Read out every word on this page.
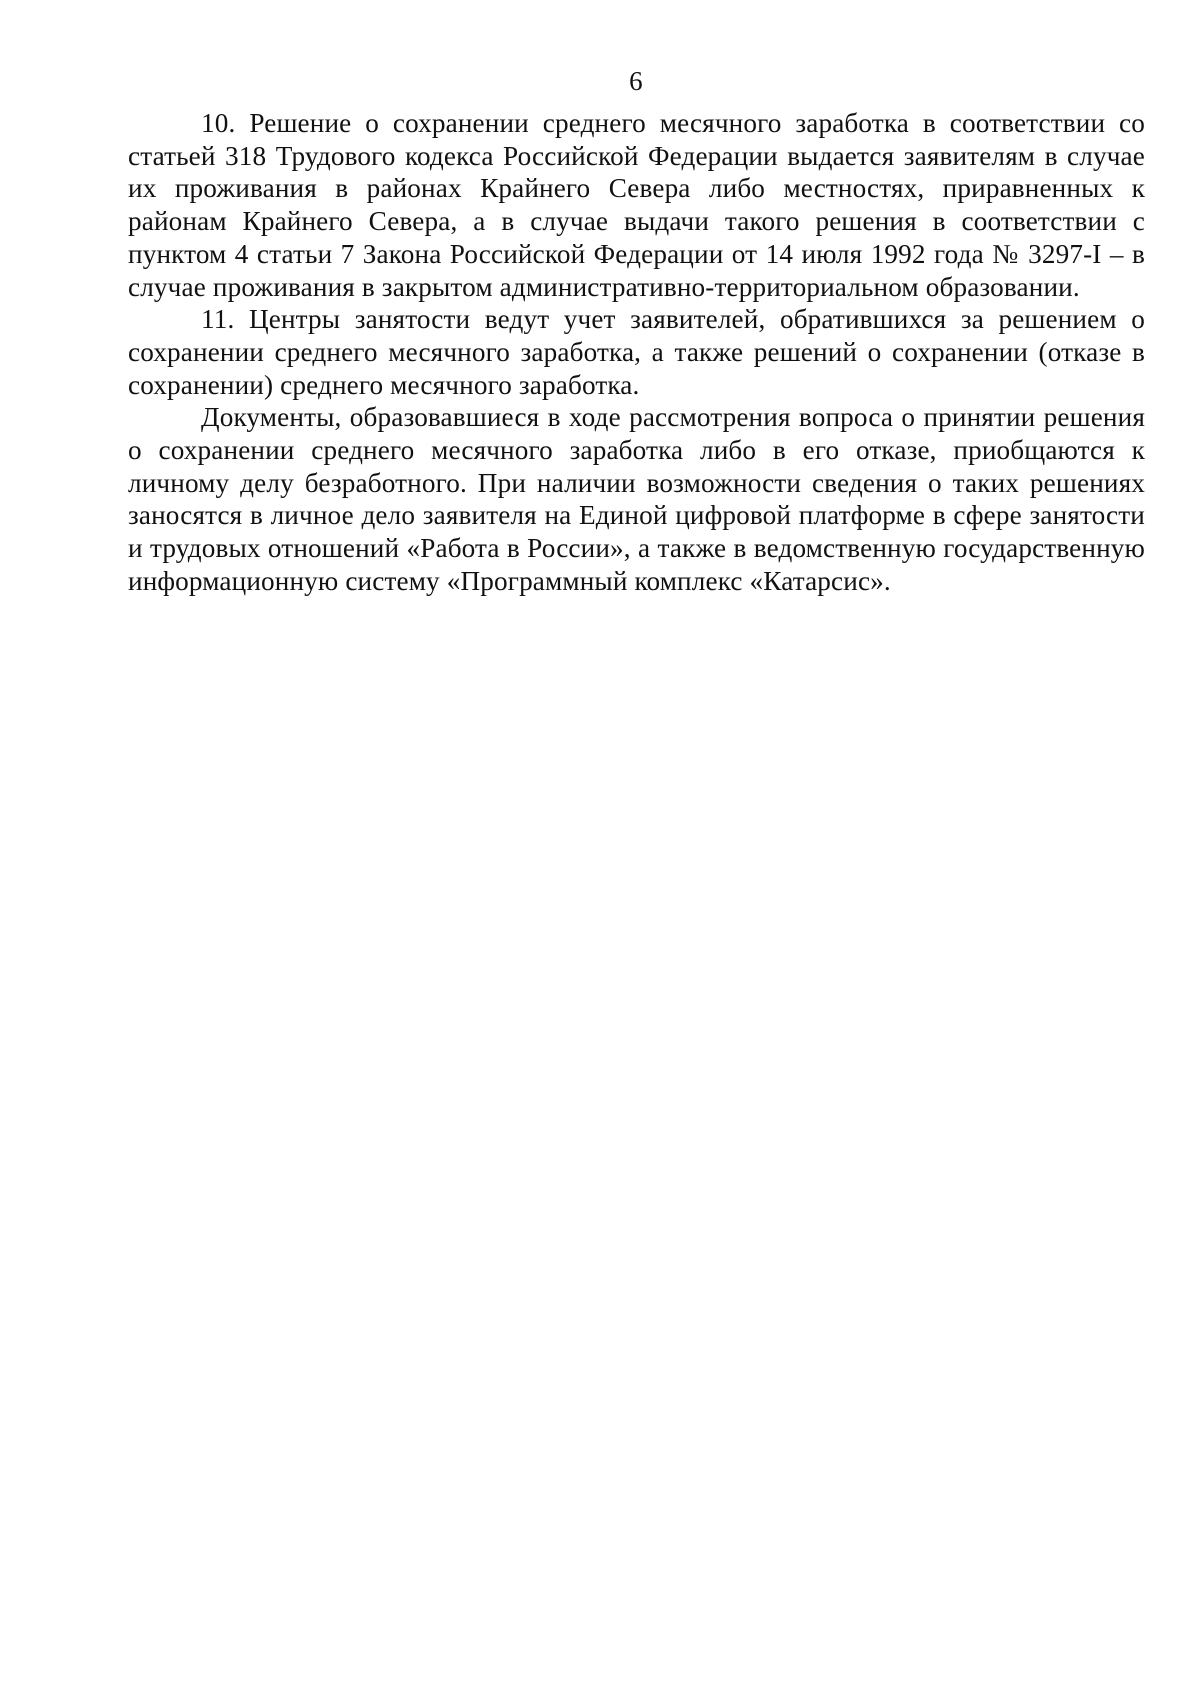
6

10. Решение о сохранении среднего месячного заработка в соответствии со статьей 318 Трудового кодекса Российской Федерации выдается заявителям в случае их проживания в районах Крайнего Севера либо местностях, приравненных к районам Крайнего Севера, а в случае выдачи такого решения в соответствии с пунктом 4 статьи 7 Закона Российской Федерации от 14 июля 1992 года № 3297-I – в случае проживания в закрытом административно-территориальном образовании.

11. Центры занятости ведут учет заявителей, обратившихся за решением о сохранении среднего месячного заработка, а также решений о сохранении (отказе в сохранении) среднего месячного заработка.

Документы, образовавшиеся в ходе рассмотрения вопроса о принятии решения о сохранении среднего месячного заработка либо в его отказе, приобщаются к личному делу безработного. При наличии возможности сведения о таких решениях заносятся в личное дело заявителя на Единой цифровой платформе в сфере занятости и трудовых отношений «Работа в России», а также в ведомственную государственную информационную систему «Программный комплекс «Катарсис».
